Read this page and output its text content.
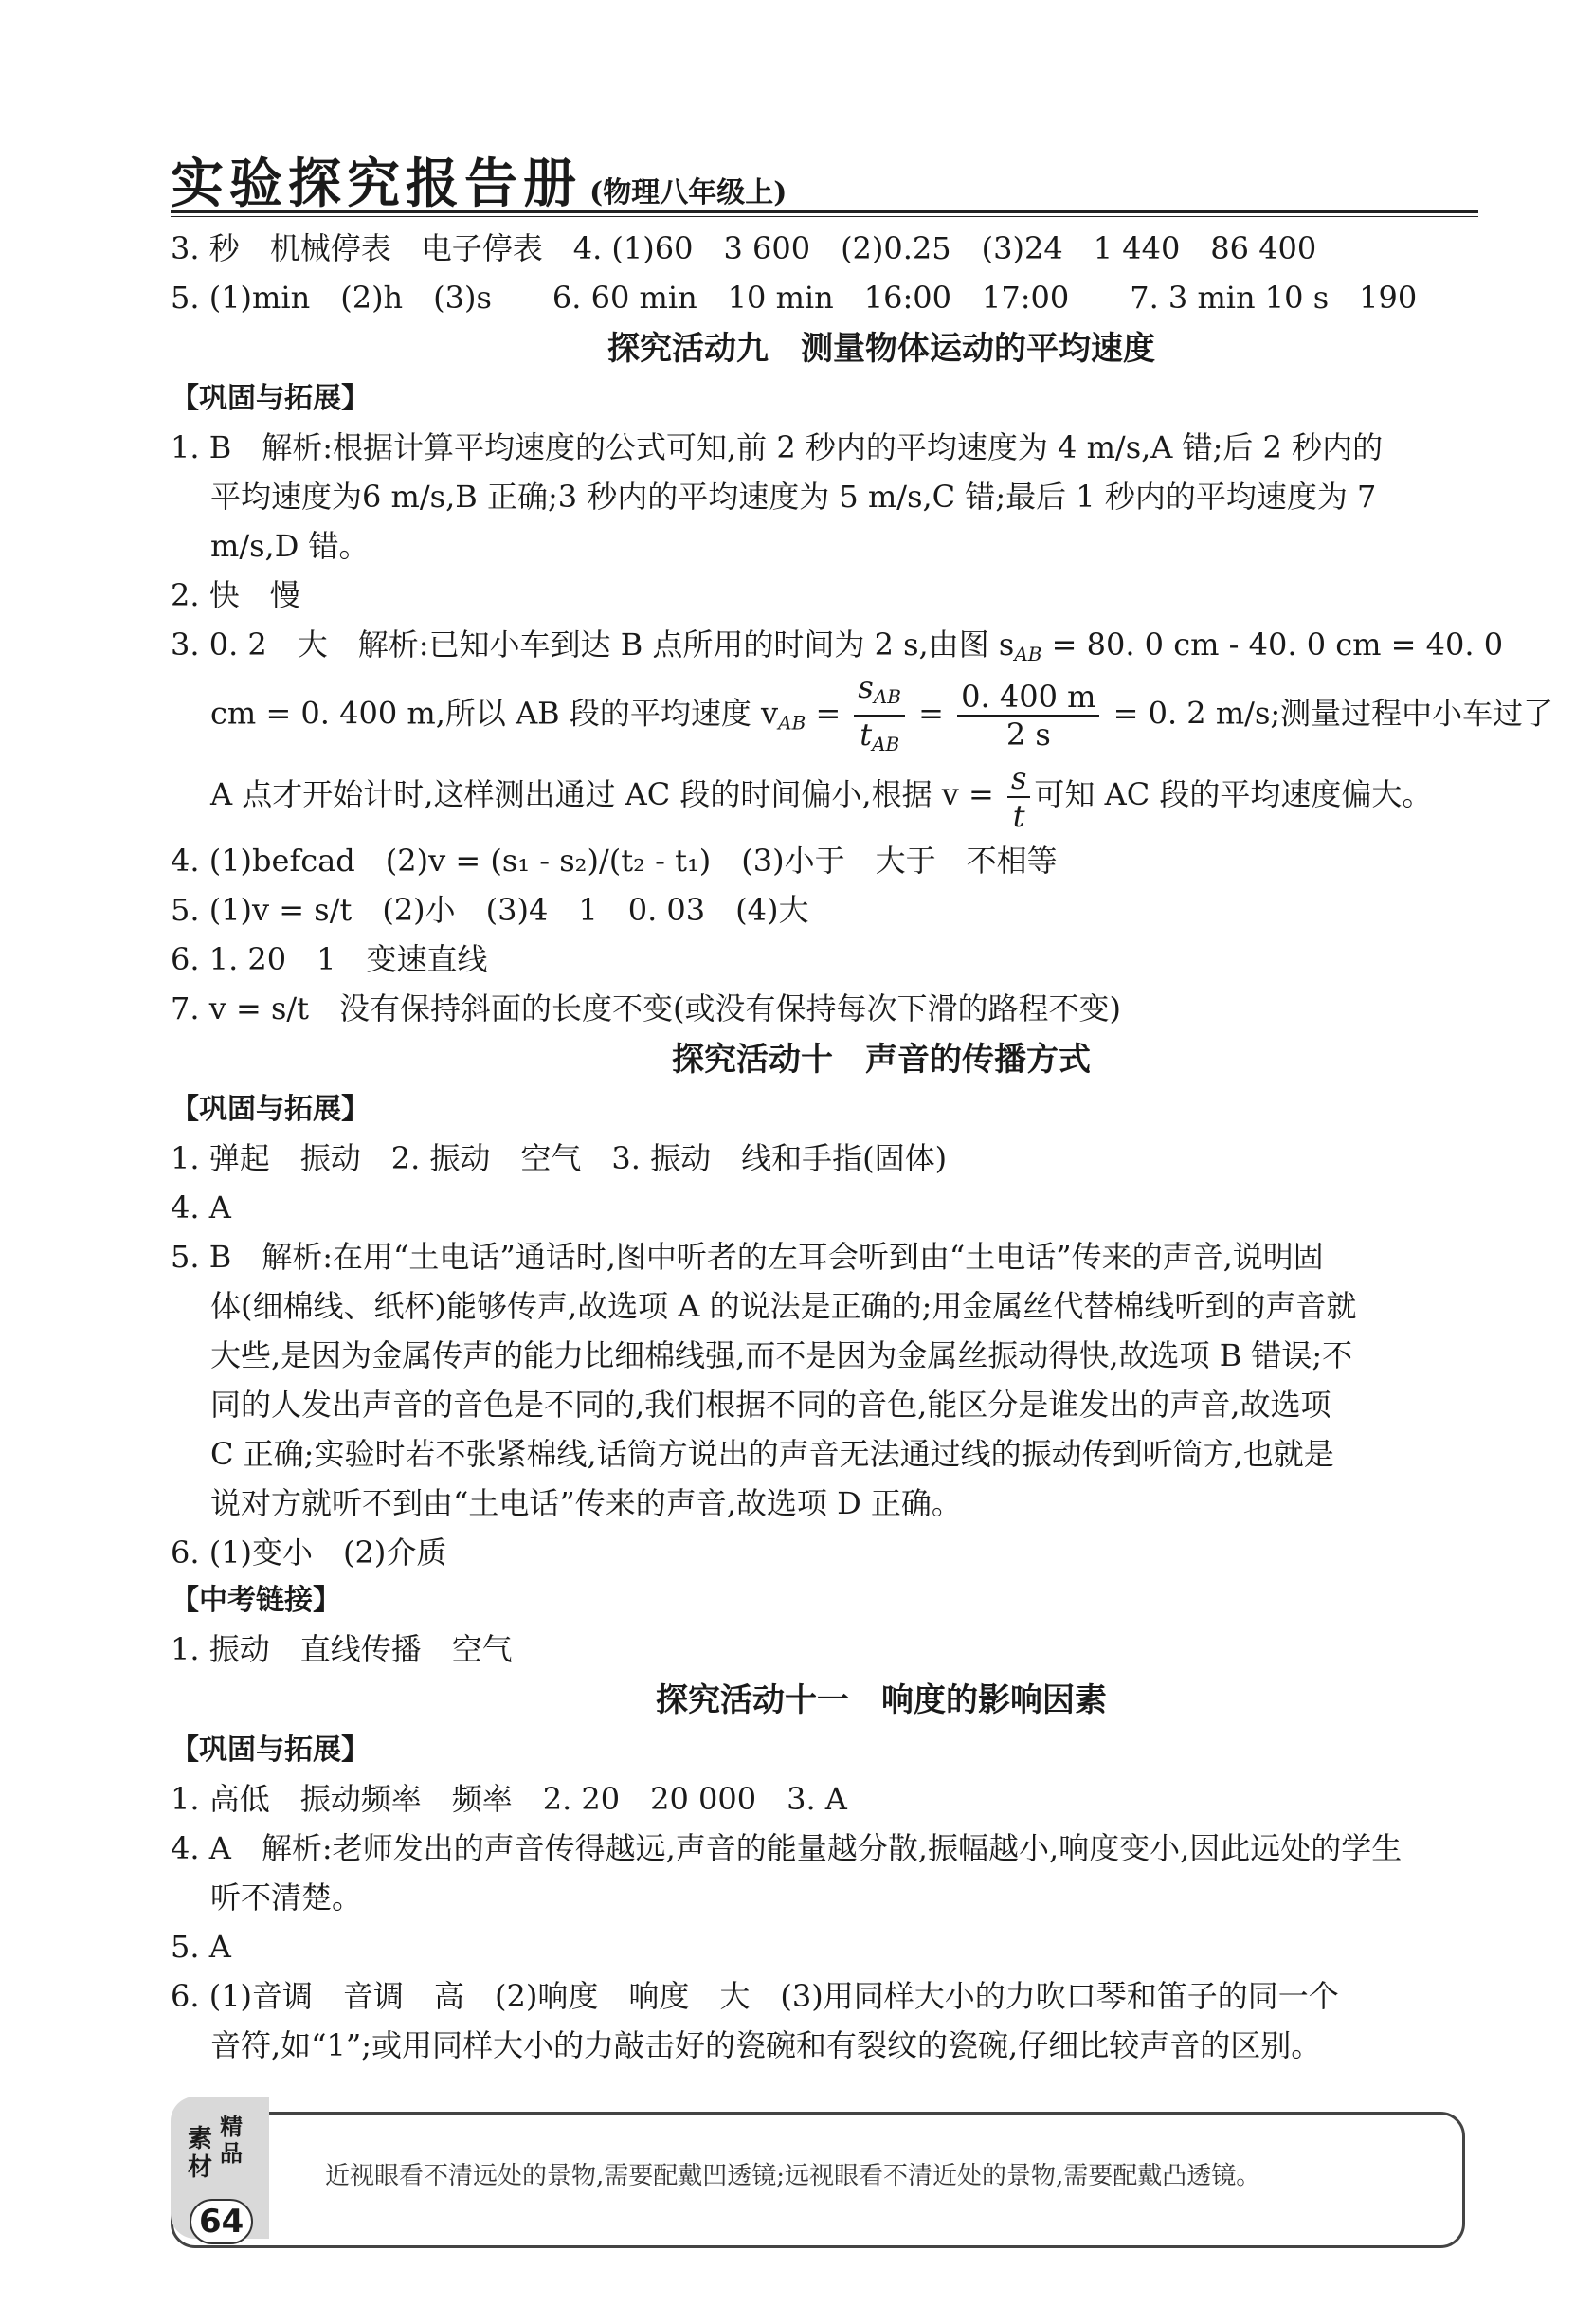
实验探究报告册 (物理八年级上)
3. 秒　机械停表　电子停表　4. (1)60　3 600　(2)0.25　(3)24　1 440　86 400
5. (1)min　(2)h　(3)s　　6. 60 min　10 min　16:00　17:00　　7. 3 min 10 s　190
探究活动九　测量物体运动的平均速度
【巩固与拓展】
1. B　解析:根据计算平均速度的公式可知,前 2 秒内的平均速度为 4 m/s,A 错;后 2 秒内的
平均速度为6 m/s,B 正确;3 秒内的平均速度为 5 m/s,C 错;最后 1 秒内的平均速度为 7
m/s,D 错。
2. 快　慢
3. 0. 2　大　解析:已知小车到达 B 点所用的时间为 2 s,由图 $s_{AB} = 80$. 0 cm - 40. 0 cm = 40. 0
cm = 0. 400 m,所以 AB 段的平均速度 $v_{AB} = \frac{s_{AB}}{t_{AB}} = \frac{0. 400 m}{2 s} = 0$. 2 m/s;测量过程中小车过了
A 点才开始计时,这样测出通过 AC 段的时间偏小,根据 $v = \frac{s}{t}$ 可知 AC 段的平均速度偏大。
4. (1)befcad　(2)v = (s₁ - s₂)/(t₂ - t₁)　(3)小于　大于　不相等
5. (1)v = s/t　(2)小　(3)4　1　0. 03　(4)大
6. 1. 20　1　变速直线
7. v = s/t　没有保持斜面的长度不变(或没有保持每次下滑的路程不变)
探究活动十　声音的传播方式
【巩固与拓展】
1. 弹起　振动　2. 振动　空气　3. 振动　线和手指(固体)
4. A
5. B　解析:在用“土电话”通话时,图中听者的左耳会听到由“土电话”传来的声音,说明固
体(细棉线、纸杯)能够传声,故选项 A 的说法是正确的;用金属丝代替棉线听到的声音就
大些,是因为金属传声的能力比细棉线强,而不是因为金属丝振动得快,故选项 B 错误;不
同的人发出声音的音色是不同的,我们根据不同的音色,能区分是谁发出的声音,故选项
C 正确;实验时若不张紧棉线,话筒方说出的声音无法通过线的振动传到听筒方,也就是
说对方就听不到由“土电话”传来的声音,故选项 D 正确。
6. (1)变小　(2)介质
【中考链接】
1. 振动　直线传播　空气
探究活动十一　响度的影响因素
【巩固与拓展】
1. 高低　振动频率　频率　2. 20　20 000　3. A
4. A　解析:老师发出的声音传得越远,声音的能量越分散,振幅越小,响度变小,因此远处的学生
听不清楚。
5. A
6. (1)音调　音调　高　(2)响度　响度　大　(3)用同样大小的力吹口琴和笛子的同一个
音符,如“1”;或用同样大小的力敲击好的瓷碗和有裂纹的瓷碗,仔细比较声音的区别。
近视眼看不清远处的景物,需要配戴凹透镜;远视眼看不清近处的景物,需要配戴凸透镜。
素材
精品
64
